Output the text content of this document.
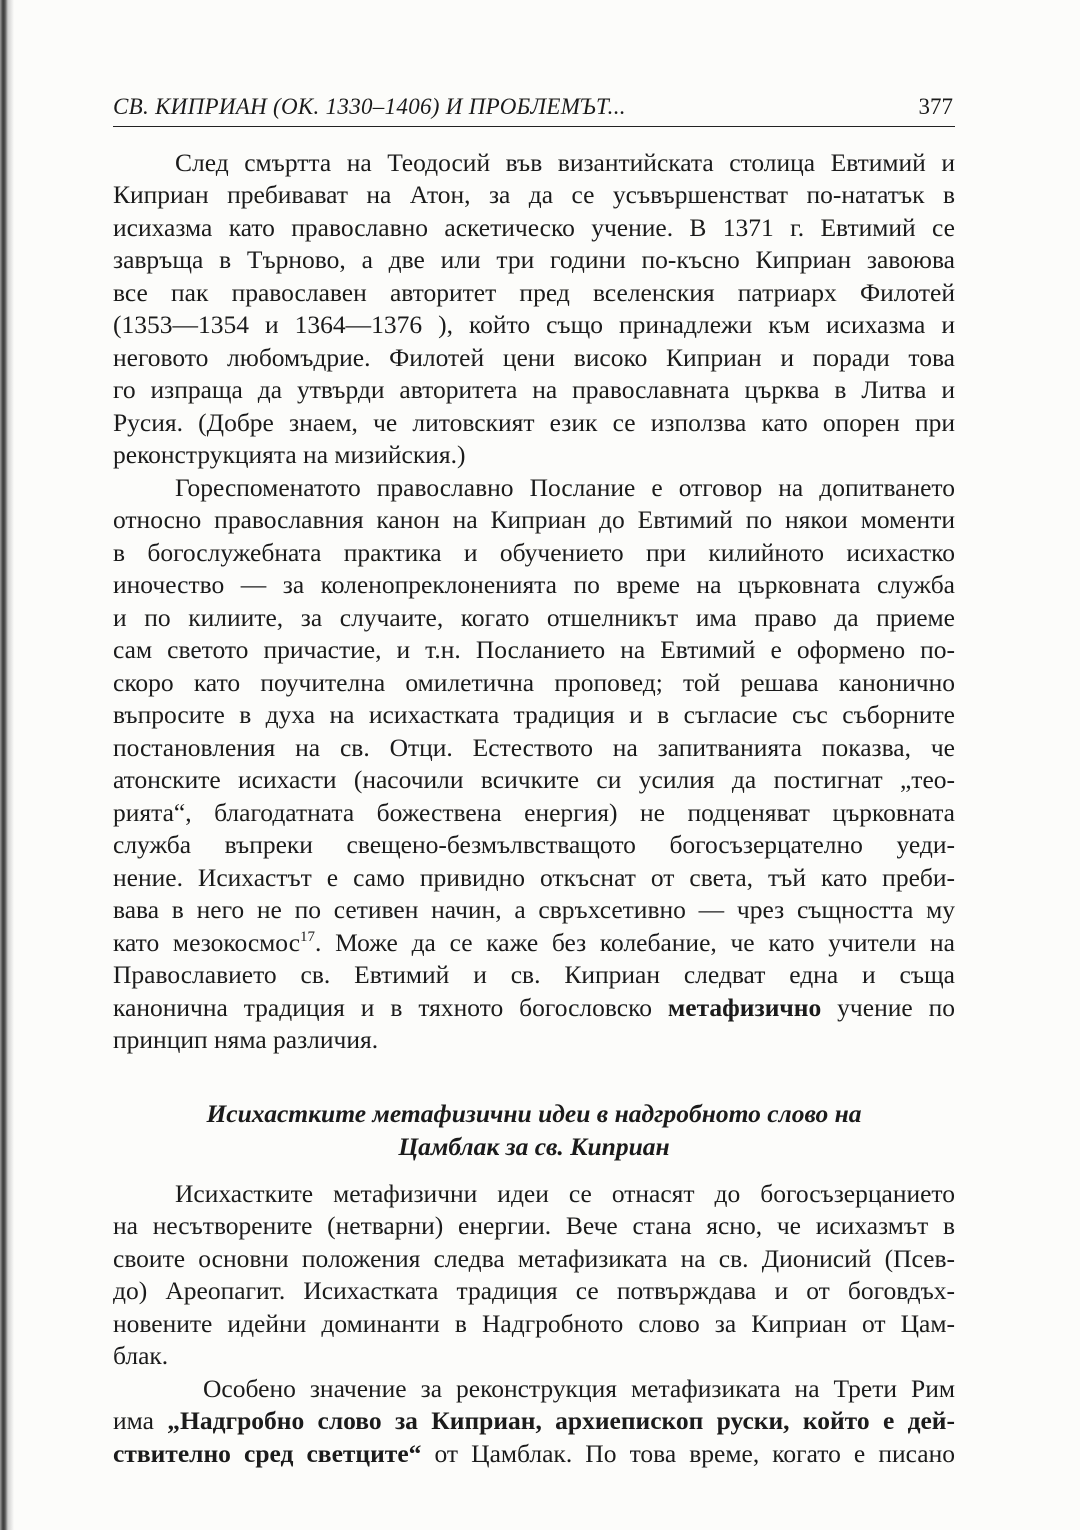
СВ. КИПРИАН (ОК. 1330–1406) И ПРОБЛЕМЪТ...	377
След смъртта на Теодосий във византийската столица Евтимий и
Киприан пребивават на Атон, за да се усъвършенстват по-нататък в
исихазма като православно аскетическо учение. В 1371 г. Евтимий се
завръща в Търново, а две или три години по-късно Киприан завоюва
все пак православен авторитет пред вселенския патриарх Филотей
(1353—1354 и 1364—1376 ), който също принадлежи към исихазма и
неговото любомъдрие. Филотей цени високо Киприан и поради това
го изпраща да утвърди авторитета на православната църква в Литва и
Русия. (Добре знаем, че литовският език се използва като опорен при
реконструкцията на мизийския.)
Гореспоменатото православно Послание е отговор на допитването
относно православния канон на Киприан до Евтимий по някои моменти
в богослужебната практика и обучението при килийното исихастко
иночество — за коленопреклоненията по време на църковната служба
и по килиите, за случаите, когато отшелникът има право да приеме
сам светото причастие, и т.н. Посланието на Евтимий е оформено по-
скоро като поучителна омилетична проповед; той решава канонично
въпросите в духа на исихастката традиция и в съгласие със съборните
постановления на св. Отци. Естеството на запитванията показва, че
атонските исихасти (насочили всичките си усилия да постигнат „тео-
рията“, благодатната божествена енергия) не подценяват църковната
служба въпреки свещено-безмълвстващото богосъзерцателно уеди-
нение. Исихастът е само привидно откъснат от света, тъй като преби-
вава в него не по сетивен начин, а свръхсетивно — чрез същността му
като мезокосмос$^{17}$. Може да се каже без колебание, че като учители на
Православието св. Евтимий и св. Киприан следват една и съща
канонична традиция и в тяхното богословско метафизично учение по
принцип няма различия.
Исихастките метафизични идеи в надгробното слово на
Цамблак за св. Киприан
Исихастките метафизични идеи се отнасят до богосъзерцанието
на несътворените (нетварни) енергии. Вече стана ясно, че исихазмът в
своите основни положения следва метафизиката на св. Дионисий (Псев-
до) Ареопагит. Исихастката традиция се потвърждава и от боговдъх-
новените идейни доминанти в Надгробното слово за Киприан от Цам-
блак.
Особено значение за реконструкция метафизиката на Трети Рим
има „Надгробно слово за Киприан, архиепископ руски, който е дей-
ствително сред светците“ от Цамблак. По това време, когато е писано
